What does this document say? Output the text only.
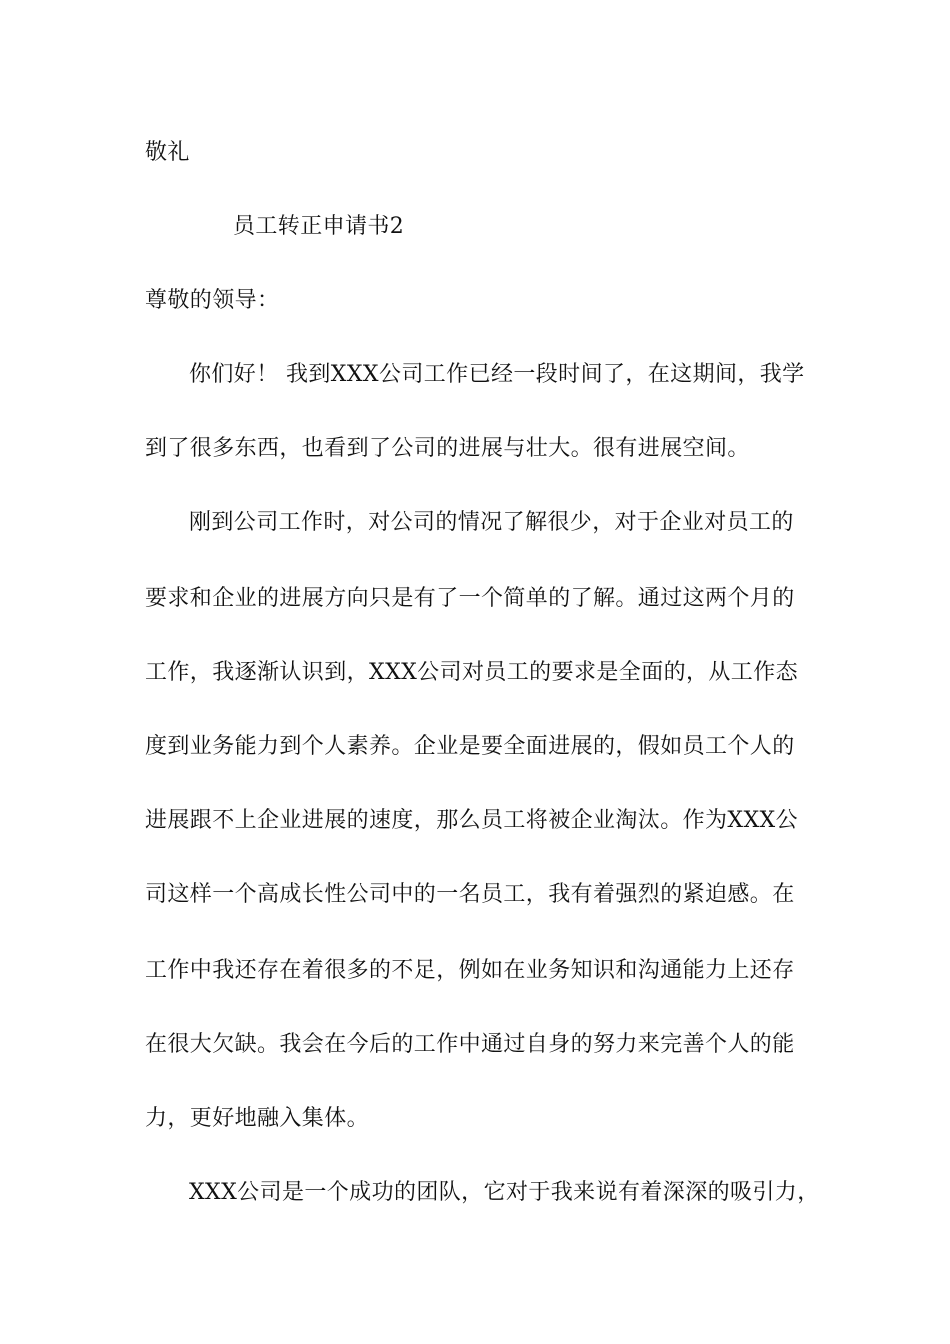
敬礼
员工转正申请书2
尊敬的领导：
你们好！ 我到XXX公司工作已经一段时间了，在这期间，我学
到了很多东西，也看到了公司的进展与壮大。很有进展空间。
刚到公司工作时，对公司的情况了解很少，对于企业对员工的
要求和企业的进展方向只是有了一个简单的了解。通过这两个月的
工作，我逐渐认识到，XXX公司对员工的要求是全面的，从工作态
度到业务能力到个人素养。企业是要全面进展的，假如员工个人的
进展跟不上企业进展的速度，那么员工将被企业淘汰。作为XXX公
司这样一个高成长性公司中的一名员工，我有着强烈的紧迫感。在
工作中我还存在着很多的不足，例如在业务知识和沟通能力上还存
在很大欠缺。我会在今后的工作中通过自身的努力来完善个人的能
力，更好地融入集体。
XXX公司是一个成功的团队，它对于我来说有着深深的吸引力，
